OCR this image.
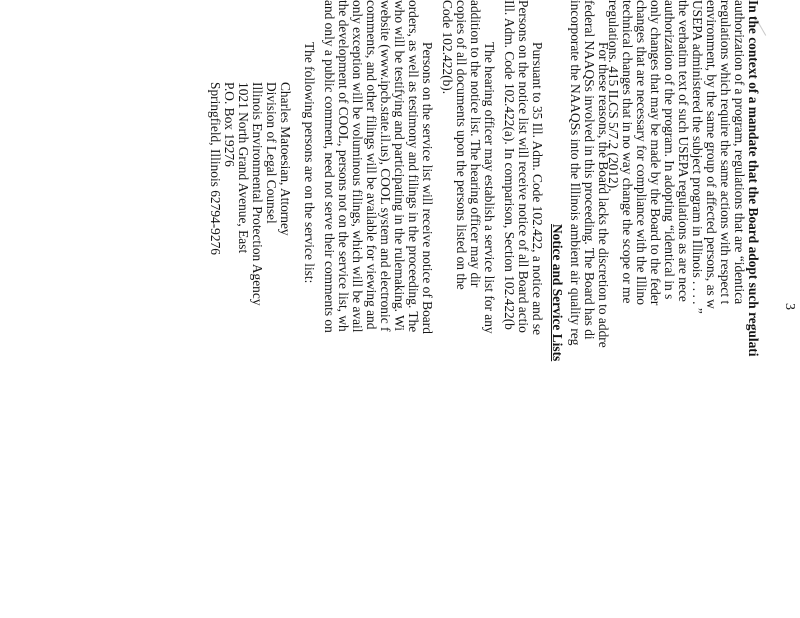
3
In the context of a mandate that the Board adopt such regulati
authorization of a program, regulations that are “identica
regulations which require the same actions with respect t
environment, by the same group of affected persons, as w
USEPA administered the subject program in Illinois . . . . ”
the verbatim text of such USEPA regulations as are nece
authorization of the program. In adopting “identical in s
only changes that may be made by the Board to the feder
changes that are necessary for compliance with the Illino
technical changes that in no way change the scope or me
regulations. 415 ILCS 5/7.2 (2012).
For these reasons, the Board lacks the discretion to addre
federal NAAQSs involved in this proceeding. The Board has di
incorporate the NAAQSs into the Illinois ambient air quality reg
Notice and Service Lists
Pursuant to 35 Ill. Adm. Code 102.422, a notice and se
Persons on the notice list will receive notice of all Board actio
Ill. Adm. Code 102.422(a). In comparison, Section 102.422(b
The hearing officer may establish a service list for any
addition to the notice list. The hearing officer may dir
copies of all documents upon the persons listed on the
Code 102.422(b).
Persons on the service list will receive notice of Board
orders, as well as testimony and filings in the proceeding. The
who will be testifying and participating in the rulemaking. Wi
website (www.ipcb.state.il.us), COOL system and electronic f
comments, and other filings will be available for viewing and
only exception will be voluminous filings, which will be avail
the development of COOL, persons not on the service list, wh
and only a public comment, need not serve their comments on
The following persons are on the service list:
Charles Matoesian, Attorney
Division of Legal Counsel
Illinois Environmental Protection Agency
1021 North Grand Avenue, East
P.O. Box 19276
Springfield, Illinois 62794-9276
